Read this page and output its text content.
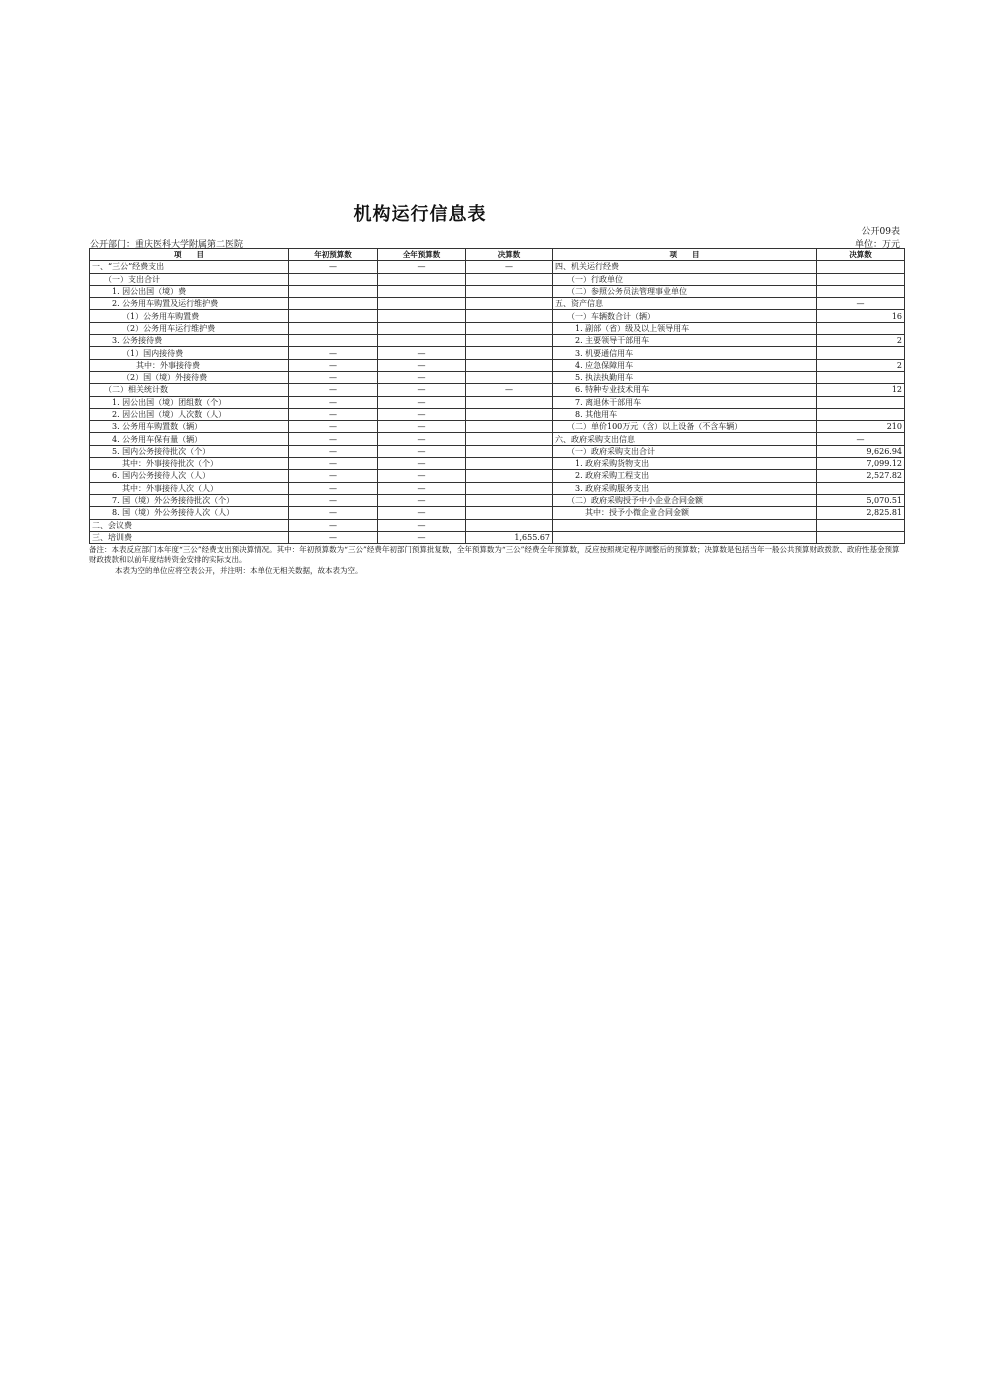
机构运行信息表
公开09表
公开部门：重庆医科大学附属第二医院	单位：万元
项　　目	年初预算数	全年预算数	决算数	项　　目	决算数
一、“三公”经费支出	—	—	—	四、机关运行经费	
（一）支出合计				（一）行政单位	
1. 因公出国（境）费				（二）参照公务员法管理事业单位	
2. 公务用车购置及运行维护费				五、资产信息	—
（1）公务用车购置费				（一）车辆数合计（辆）	16
（2）公务用车运行维护费				1. 副部（省）级及以上领导用车	
3. 公务接待费				2. 主要领导干部用车	2
（1）国内接待费	—	—		3. 机要通信用车	
其中：外事接待费	—	—		4. 应急保障用车	2
（2）国（境）外接待费	—	—		5. 执法执勤用车	
（二）相关统计数	—	—	—	6. 特种专业技术用车	12
1. 因公出国（境）团组数（个）	—	—		7. 离退休干部用车	
2. 因公出国（境）人次数（人）	—	—		8. 其他用车	
3. 公务用车购置数（辆）	—	—		（二）单价100万元（含）以上设备（不含车辆）	210
4. 公务用车保有量（辆）	—	—		六、政府采购支出信息	—
5. 国内公务接待批次（个）	—	—		（一）政府采购支出合计	9,626.94
其中：外事接待批次（个）	—	—		1. 政府采购货物支出	7,099.12
6. 国内公务接待人次（人）	—	—		2. 政府采购工程支出	2,527.82
其中：外事接待人次（人）	—	—		3. 政府采购服务支出	
7. 国（境）外公务接待批次（个）	—	—		（二）政府采购授予中小企业合同金额	5,070.51
8. 国（境）外公务接待人次（人）	—	—		其中：授予小微企业合同金额	2,825.81
二、会议费	—	—			
三、培训费	—	—	1,655.67		
备注：本表反应部门本年度“三公”经费支出预决算情况。其中：年初预算数为“三公”经费年初部门预算批复数，全年预算数为“三公”经费全年预算数，反应按照规定程序调整后的预算数；决算数是包括当年一般公共预算财政拨款、政府性基金预算财政拨款和以前年度结转资金安排的实际支出。
本表为空的单位应将空表公开，并注明：本单位无相关数据，故本表为空。
